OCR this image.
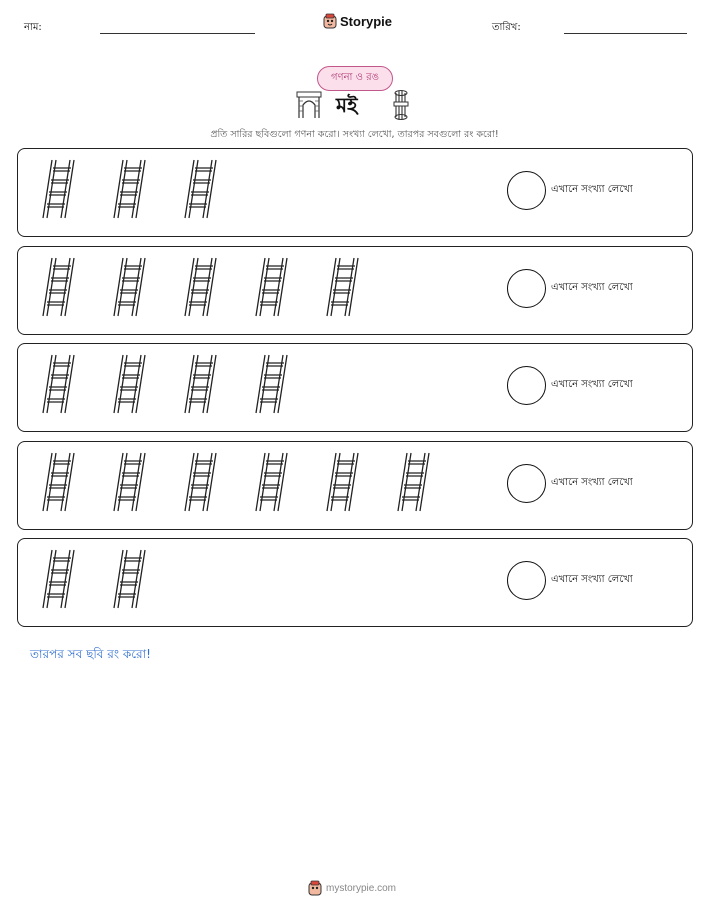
নাম:	Storypie	তারিখ:
গণনা ও রঙ
মই
প্রতি সারির ছবিগুলো গণনা করো। সংখ্যা লেখো, তারপর সবগুলো রং করো!
এখানে সংখ্যা লেখো
এখানে সংখ্যা লেখো
এখানে সংখ্যা লেখো
এখানে সংখ্যা লেখো
এখানে সংখ্যা লেখো
তারপর সব ছবি রং করো!
mystorypie.com
